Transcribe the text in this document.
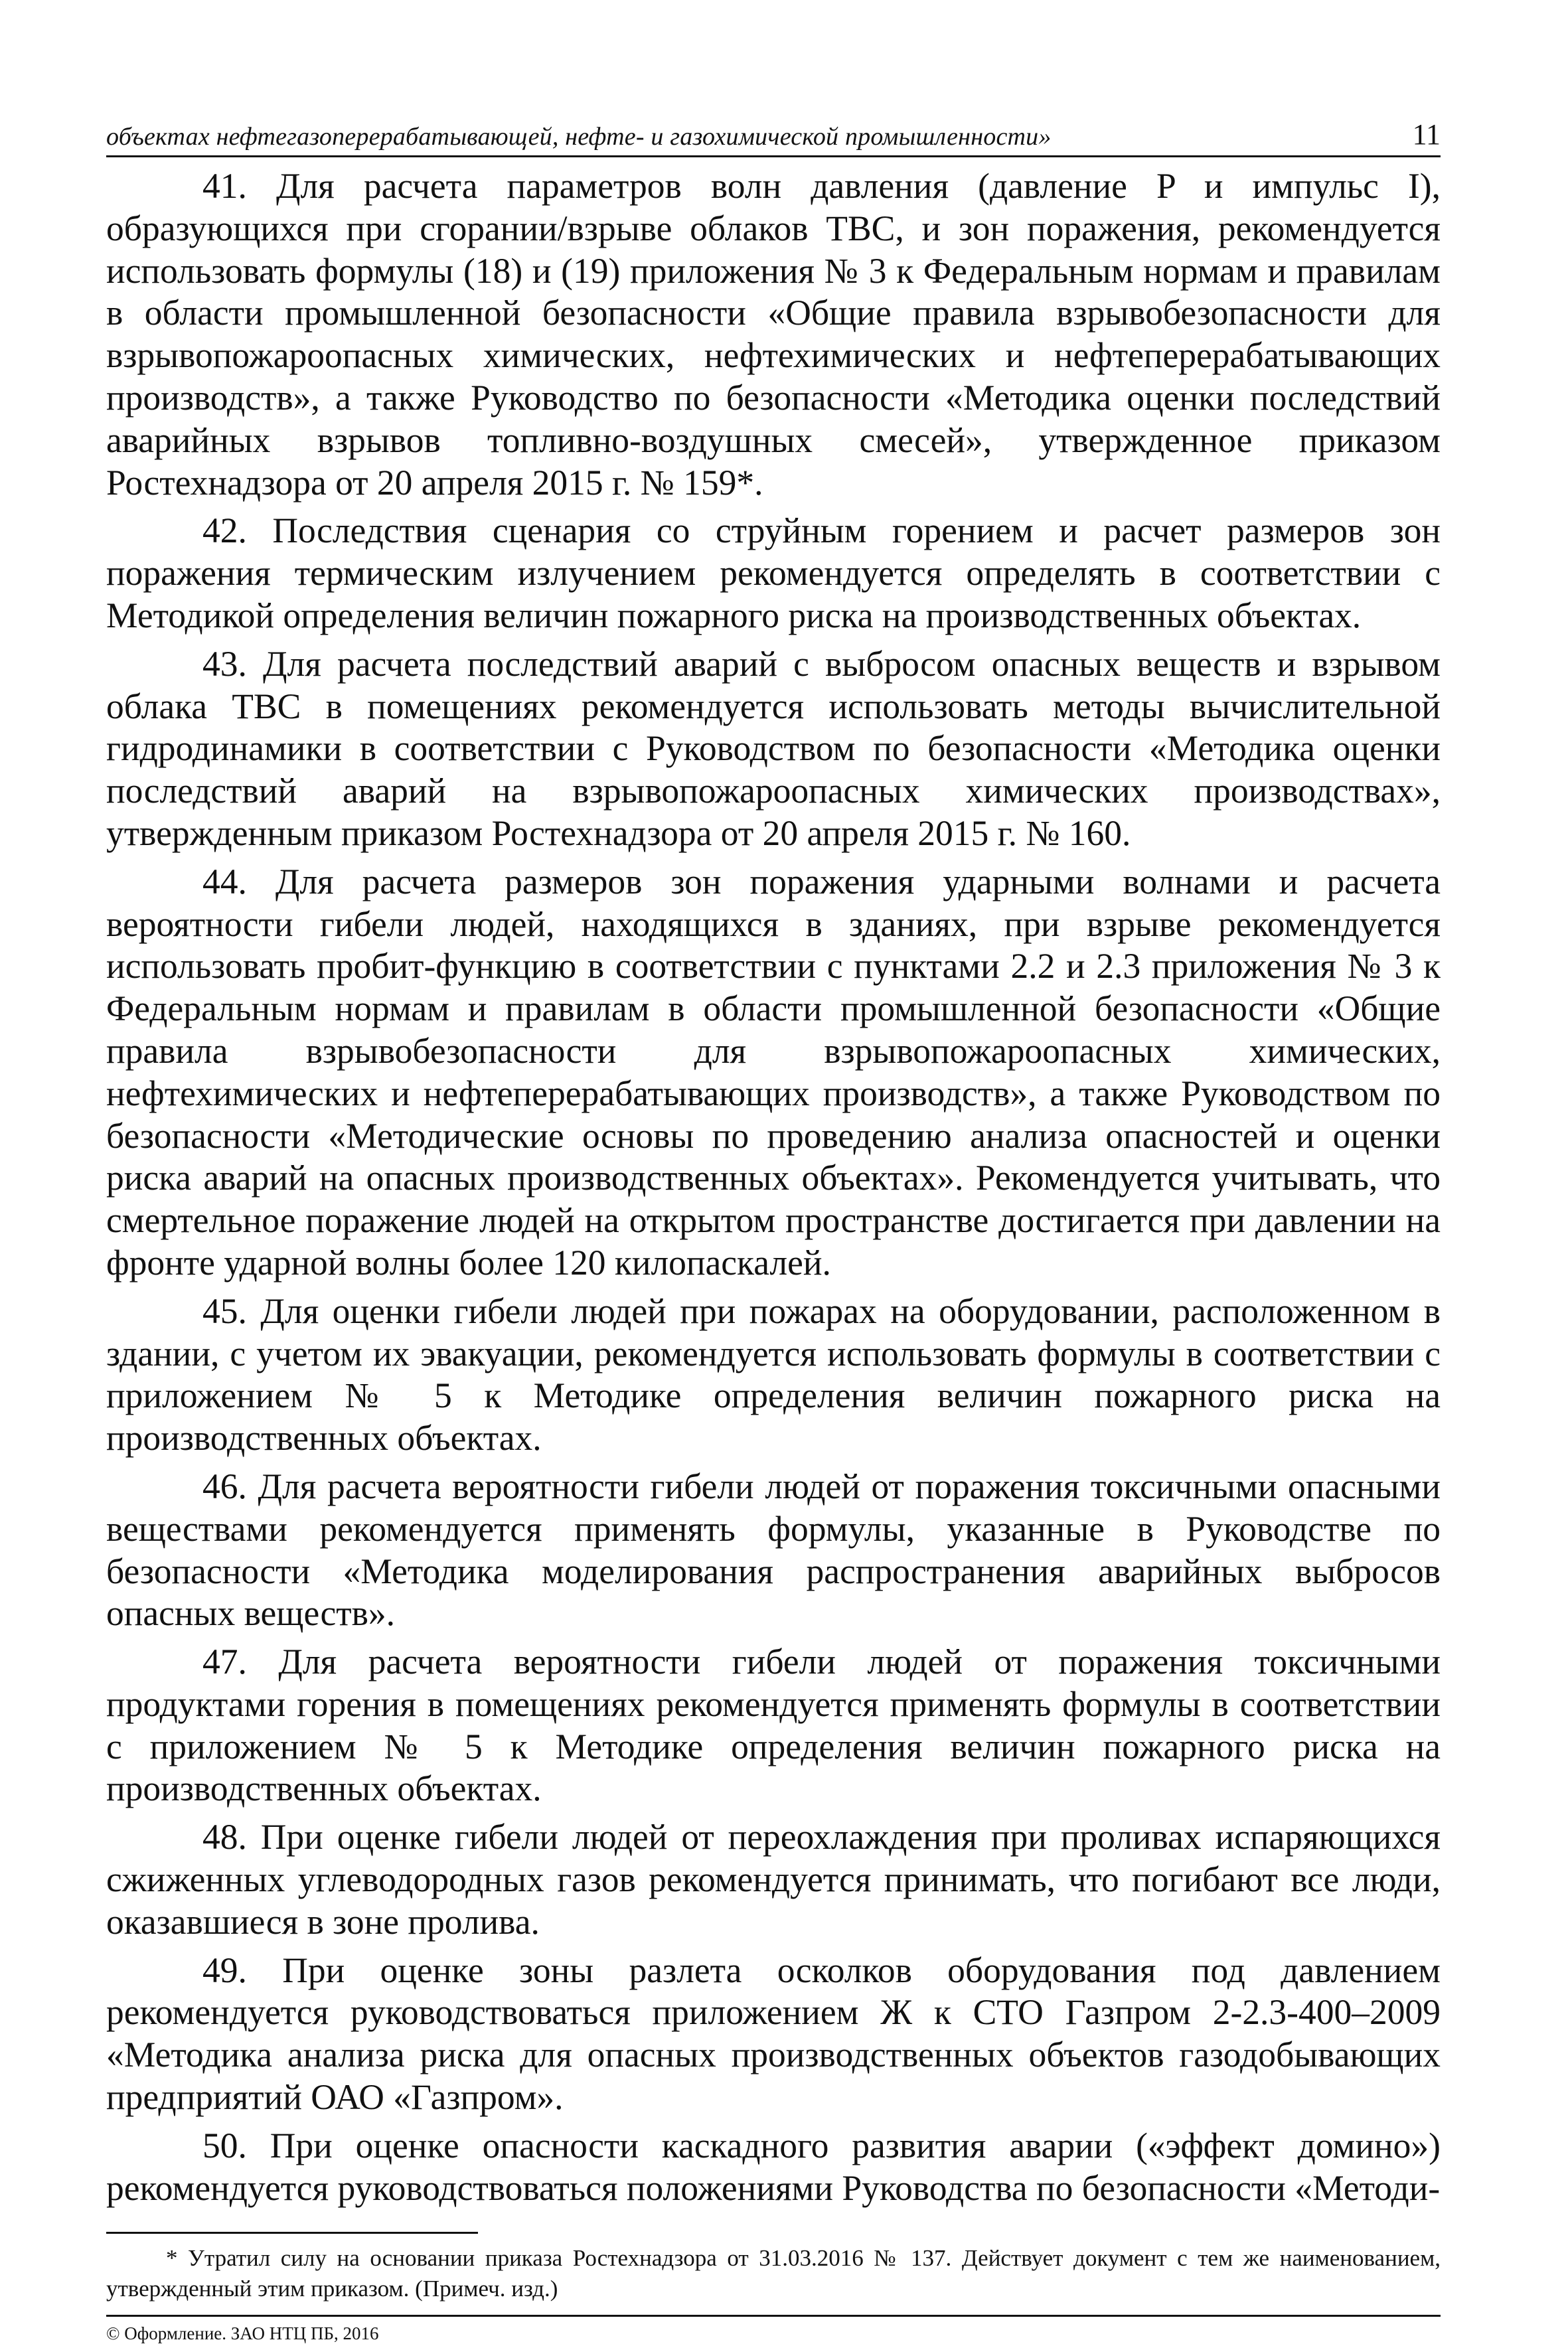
объектах нефтегазоперерабатывающей, нефте- и газохимической промышленности»	11

41. Для расчета параметров волн давления (давление P и импульс I), образующихся при сгорании/взрыве облаков ТВС, и зон поражения, рекомендуется использовать формулы (18) и (19) приложения № 3 к Федеральным нормам и правилам в области промышленной безопасности «Общие правила взрывобезопасности для взрывопожароопасных химических, нефтехимических и нефтеперерабатывающих производств», а также Руководство по безопасности «Методика оценки последствий аварийных взрывов топливно-воздушных смесей», утвержденное приказом Ростехнадзора от 20 апреля 2015 г. № 159*.

42. Последствия сценария со струйным горением и расчет размеров зон поражения термическим излучением рекомендуется определять в соответствии с Методикой определения величин пожарного риска на производственных объектах.

43. Для расчета последствий аварий с выбросом опасных веществ и взрывом облака ТВС в помещениях рекомендуется использовать методы вычислительной гидродинамики в соответствии с Руководством по безопасности «Методика оценки последствий аварий на взрывопожароопасных химических производствах», утвержденным приказом Ростехнадзора от 20 апреля 2015 г. № 160.

44. Для расчета размеров зон поражения ударными волнами и расчета вероятности гибели людей, находящихся в зданиях, при взрыве рекомендуется использовать пробит-функцию в соответствии с пунктами 2.2 и 2.3 приложения № 3 к Федеральным нормам и правилам в области промышленной безопасности «Общие правила взрывобезопасности для взрывопожароопасных химических, нефтехимических и нефтеперерабатывающих производств», а также Руководством по безопасности «Методические основы по проведению анализа опасностей и оценки риска аварий на опасных производственных объектах». Рекомендуется учитывать, что смертельное поражение людей на открытом пространстве достигается при давлении на фронте ударной волны более 120 килопаскалей.

45. Для оценки гибели людей при пожарах на оборудовании, расположенном в здании, с учетом их эвакуации, рекомендуется использовать формулы в соответствии с приложением № 5 к Методике определения величин пожарного риска на производственных объектах.

46. Для расчета вероятности гибели людей от поражения токсичными опасными веществами рекомендуется применять формулы, указанные в Руководстве по безопасности «Методика моделирования распространения аварийных выбросов опасных веществ».

47. Для расчета вероятности гибели людей от поражения токсичными продуктами горения в помещениях рекомендуется применять формулы в соответствии с приложением № 5 к Методике определения величин пожарного риска на производственных объектах.

48. При оценке гибели людей от переохлаждения при проливах испаряющихся сжиженных углеводородных газов рекомендуется принимать, что погибают все люди, оказавшиеся в зоне пролива.

49. При оценке зоны разлета осколков оборудования под давлением рекомендуется руководствоваться приложением Ж к СТО Газпром 2-2.3-400–2009 «Методика анализа риска для опасных производственных объектов газодобывающих предприятий ОАО «Газпром».

50. При оценке опасности каскадного развития аварии («эффект домино») рекомендуется руководствоваться положениями Руководства по безопасности «Методи-

* Утратил силу на основании приказа Ростехнадзора от 31.03.2016 № 137. Действует документ с тем же наименованием, утвержденный этим приказом. (Примеч. изд.)

© Оформление. ЗАО НТЦ ПБ, 2016
